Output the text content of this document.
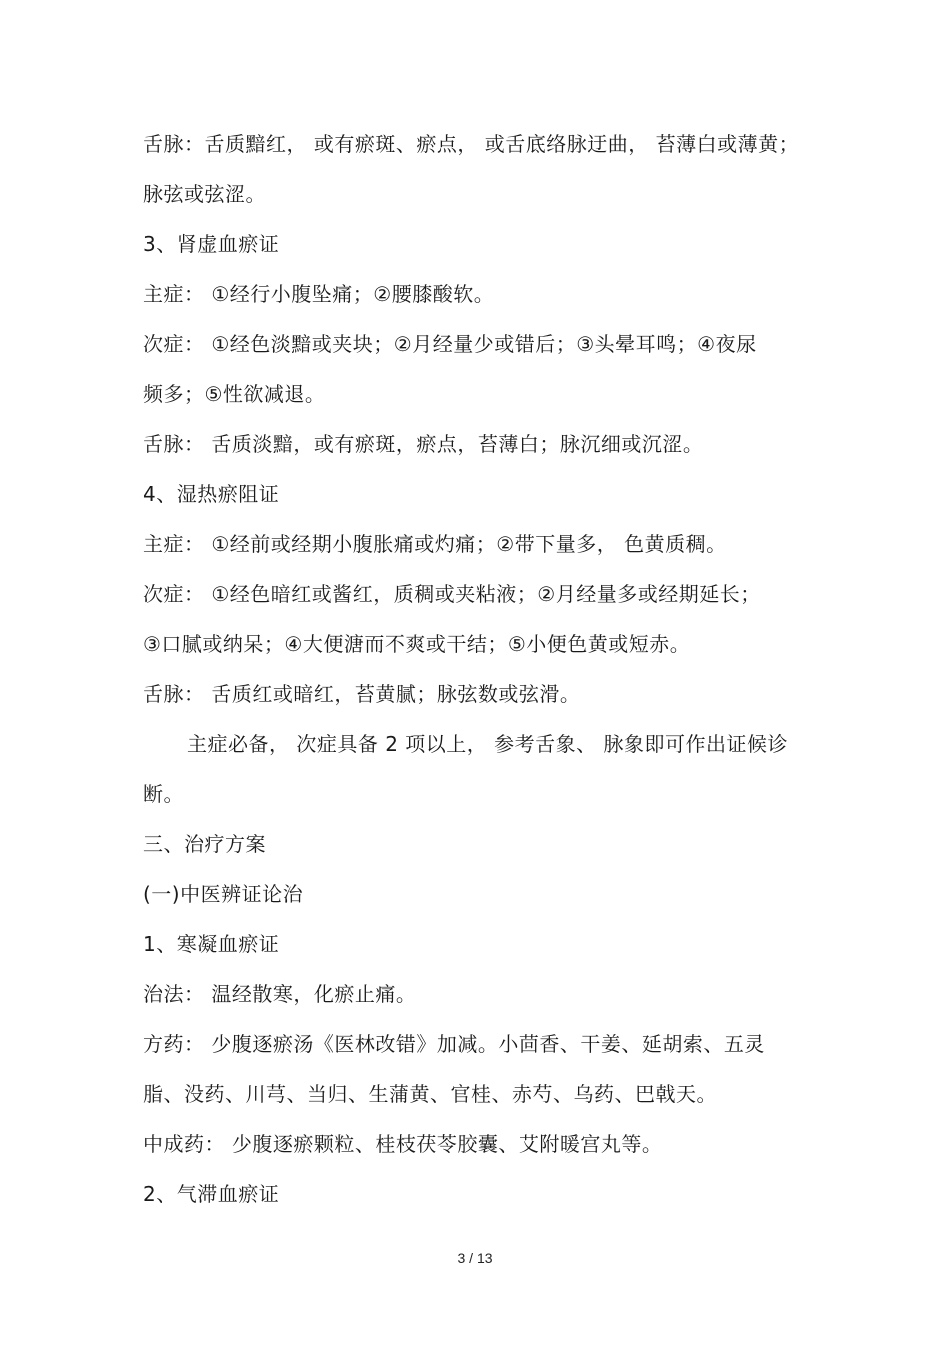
舌脉：舌质黯红， 或有瘀斑、瘀点， 或舌底络脉迂曲， 苔薄白或薄黄；
脉弦或弦涩。
3、肾虚血瘀证
主症： ①经行小腹坠痛；②腰膝酸软。
次症： ①经色淡黯或夹块；②月经量少或错后；③头晕耳鸣；④夜尿
频多；⑤性欲减退。
舌脉： 舌质淡黯，或有瘀斑，瘀点，苔薄白；脉沉细或沉涩。
4、湿热瘀阻证
主症： ①经前或经期小腹胀痛或灼痛；②带下量多， 色黄质稠。
次症： ①经色暗红或酱红，质稠或夹粘液；②月经量多或经期延长；
③口腻或纳呆；④大便溏而不爽或干结；⑤小便色黄或短赤。
舌脉： 舌质红或暗红，苔黄腻；脉弦数或弦滑。
主症必备， 次症具备 2 项以上， 参考舌象、 脉象即可作出证候诊
断。
三、治疗方案
(一)中医辨证论治
1、寒凝血瘀证
治法： 温经散寒，化瘀止痛。
方药： 少腹逐瘀汤《医林改错》加减。小茴香、干姜、延胡索、五灵
脂、没药、川芎、当归、生蒲黄、官桂、赤芍、乌药、巴戟天。
中成药： 少腹逐瘀颗粒、桂枝茯苓胶囊、艾附暖宫丸等。
2、气滞血瘀证
3 / 13
